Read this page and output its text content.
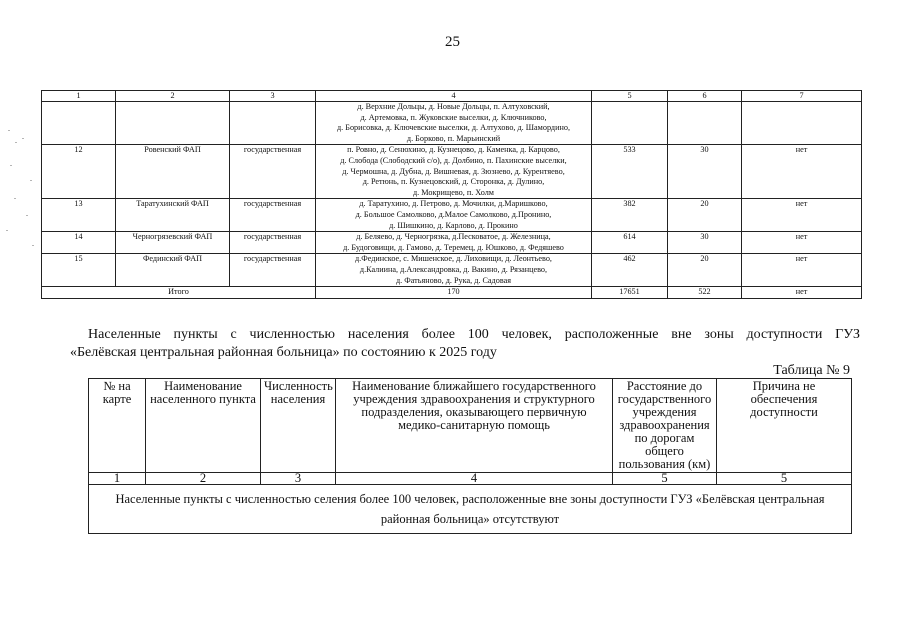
25
1	2	3	4	5	6	7

			д. Верхние Дольцы, д. Новые Дольцы, п. Алтуховский,
д. Артемовка, п. Жуковские выселки, д. Ключниково,
д. Борисовка, д. Ключевские выселки, д. Алтухово, д. Шамордино,
д. Борково, п. Марьинский			

12	Ровенский ФАП	государственная	п. Ровно, д. Сенюхино, д. Кузнецово, д. Каменка, д. Карцово,
д. Слобода (Слободский с/о), д. Долбино, п. Пахинские выселки,
д. Чермошна, д. Дубна, д. Вишневая, д. Зюзнево, д. Курентяево,
д. Ретюнь, п. Кузнецовский, д. Сторонка, д. Дулино,
д. Мокрищево, п. Холм	533	30	нет
13	Таратухинский ФАП	государственная	д. Таратухино, д. Петрово, д. Мочилки, д.Маришково,
д. Большое Самолково, д.Малое Самолково, д.Пронино,
д. Шишкино, д. Карлово, д. Прокино	382	20	нет
14	Черногрязевский ФАП	государственная	д. Беляево, д. Черногрязка, д.Песковатое, д. Железница,
д. Будоговищи, д. Гамово, д. Теремец, д. Юшково, д. Федяшево	614	30	нет
15	Фединский ФАП	государственная	д.Фединское, с. Мишенское, д. Лиховищи, д. Леонтьево,
д.Калиина, д.Александровка, д. Вакино, д. Рязанцево,
д. Фатьяново, д. Рука, д. Садовая	462	20	нет
Итого			170	17651	522	нет
Населенные пункты с численностью населения более 100 человек, расположенные вне зоны доступности ГУЗ
«Белёвская центральная районная больница» по состоянию к 2025 году
Таблица № 9
№ на карте	Наименование населенного пункта	Численность населения	Наименование ближайшего государственного учреждения здравоохранения и структурного подразделения, оказывающего первичную медико-санитарную помощь	Расстояние до государственного учреждения здравоохранения по дорогам общего пользования (км)	Причина не обеспечения доступности
1	2	3	4	5	5
Населенные пункты с численностью селения более 100 человек, расположенные вне зоны доступности ГУЗ «Белёвская центральная районная больница» отсутствуют					
